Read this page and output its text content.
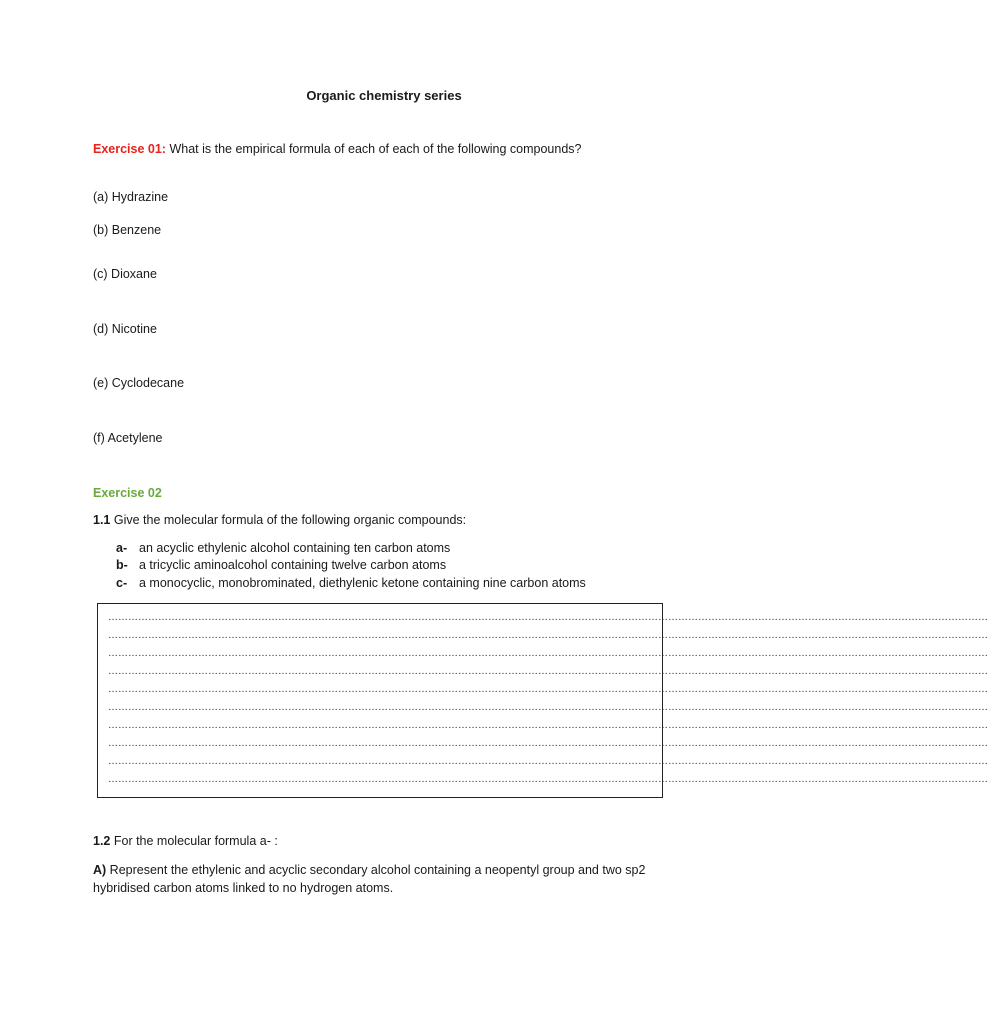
Organic chemistry series
Exercise 01: What is the empirical formula of each of each of the following compounds?
(a) Hydrazine
(b) Benzene
(c) Dioxane
(d) Nicotine
(e) Cyclodecane
(f) Acetylene
Exercise 02
1.1 Give the molecular formula of the following organic compounds:
a- an acyclic ethylenic alcohol containing ten carbon atoms
b- a tricyclic aminoalcohol containing twelve carbon atoms
c- a monocyclic, monobrominated, diethylenic ketone containing nine carbon atoms
…………………………………………………………………………………………………………………………………………………………………………………………………………………………………………
…………………………………………………………………………………………………………………………………………………………………………………………………………………………………………
…………………………………………………………………………………………………………………………………………………………………………………………………………………………………………
…………………………………………………………………………………………………………………………………………………………………………………………………………………………………………
…………………………………………………………………………………………………………………………………………………………………………………………………………………………………………
…………………………………………………………………………………………………………………………………………………………………………………………………………………………………………
…………………………………………………………………………………………………………………………………………………………………………………………………………………………………………
…………………………………………………………………………………………………………………………………………………………………………………………………………………………………………
…………………………………………………………………………………………………………………………………………………………………………………………………………………………………………
…………………………………………………………………………………………………………………………………………………………………………………………………………………………………………
1.2 For the molecular formula a- :
A) Represent the ethylenic and acyclic secondary alcohol containing a neopentyl group and two sp2 hybridised carbon atoms linked to no hydrogen atoms.
